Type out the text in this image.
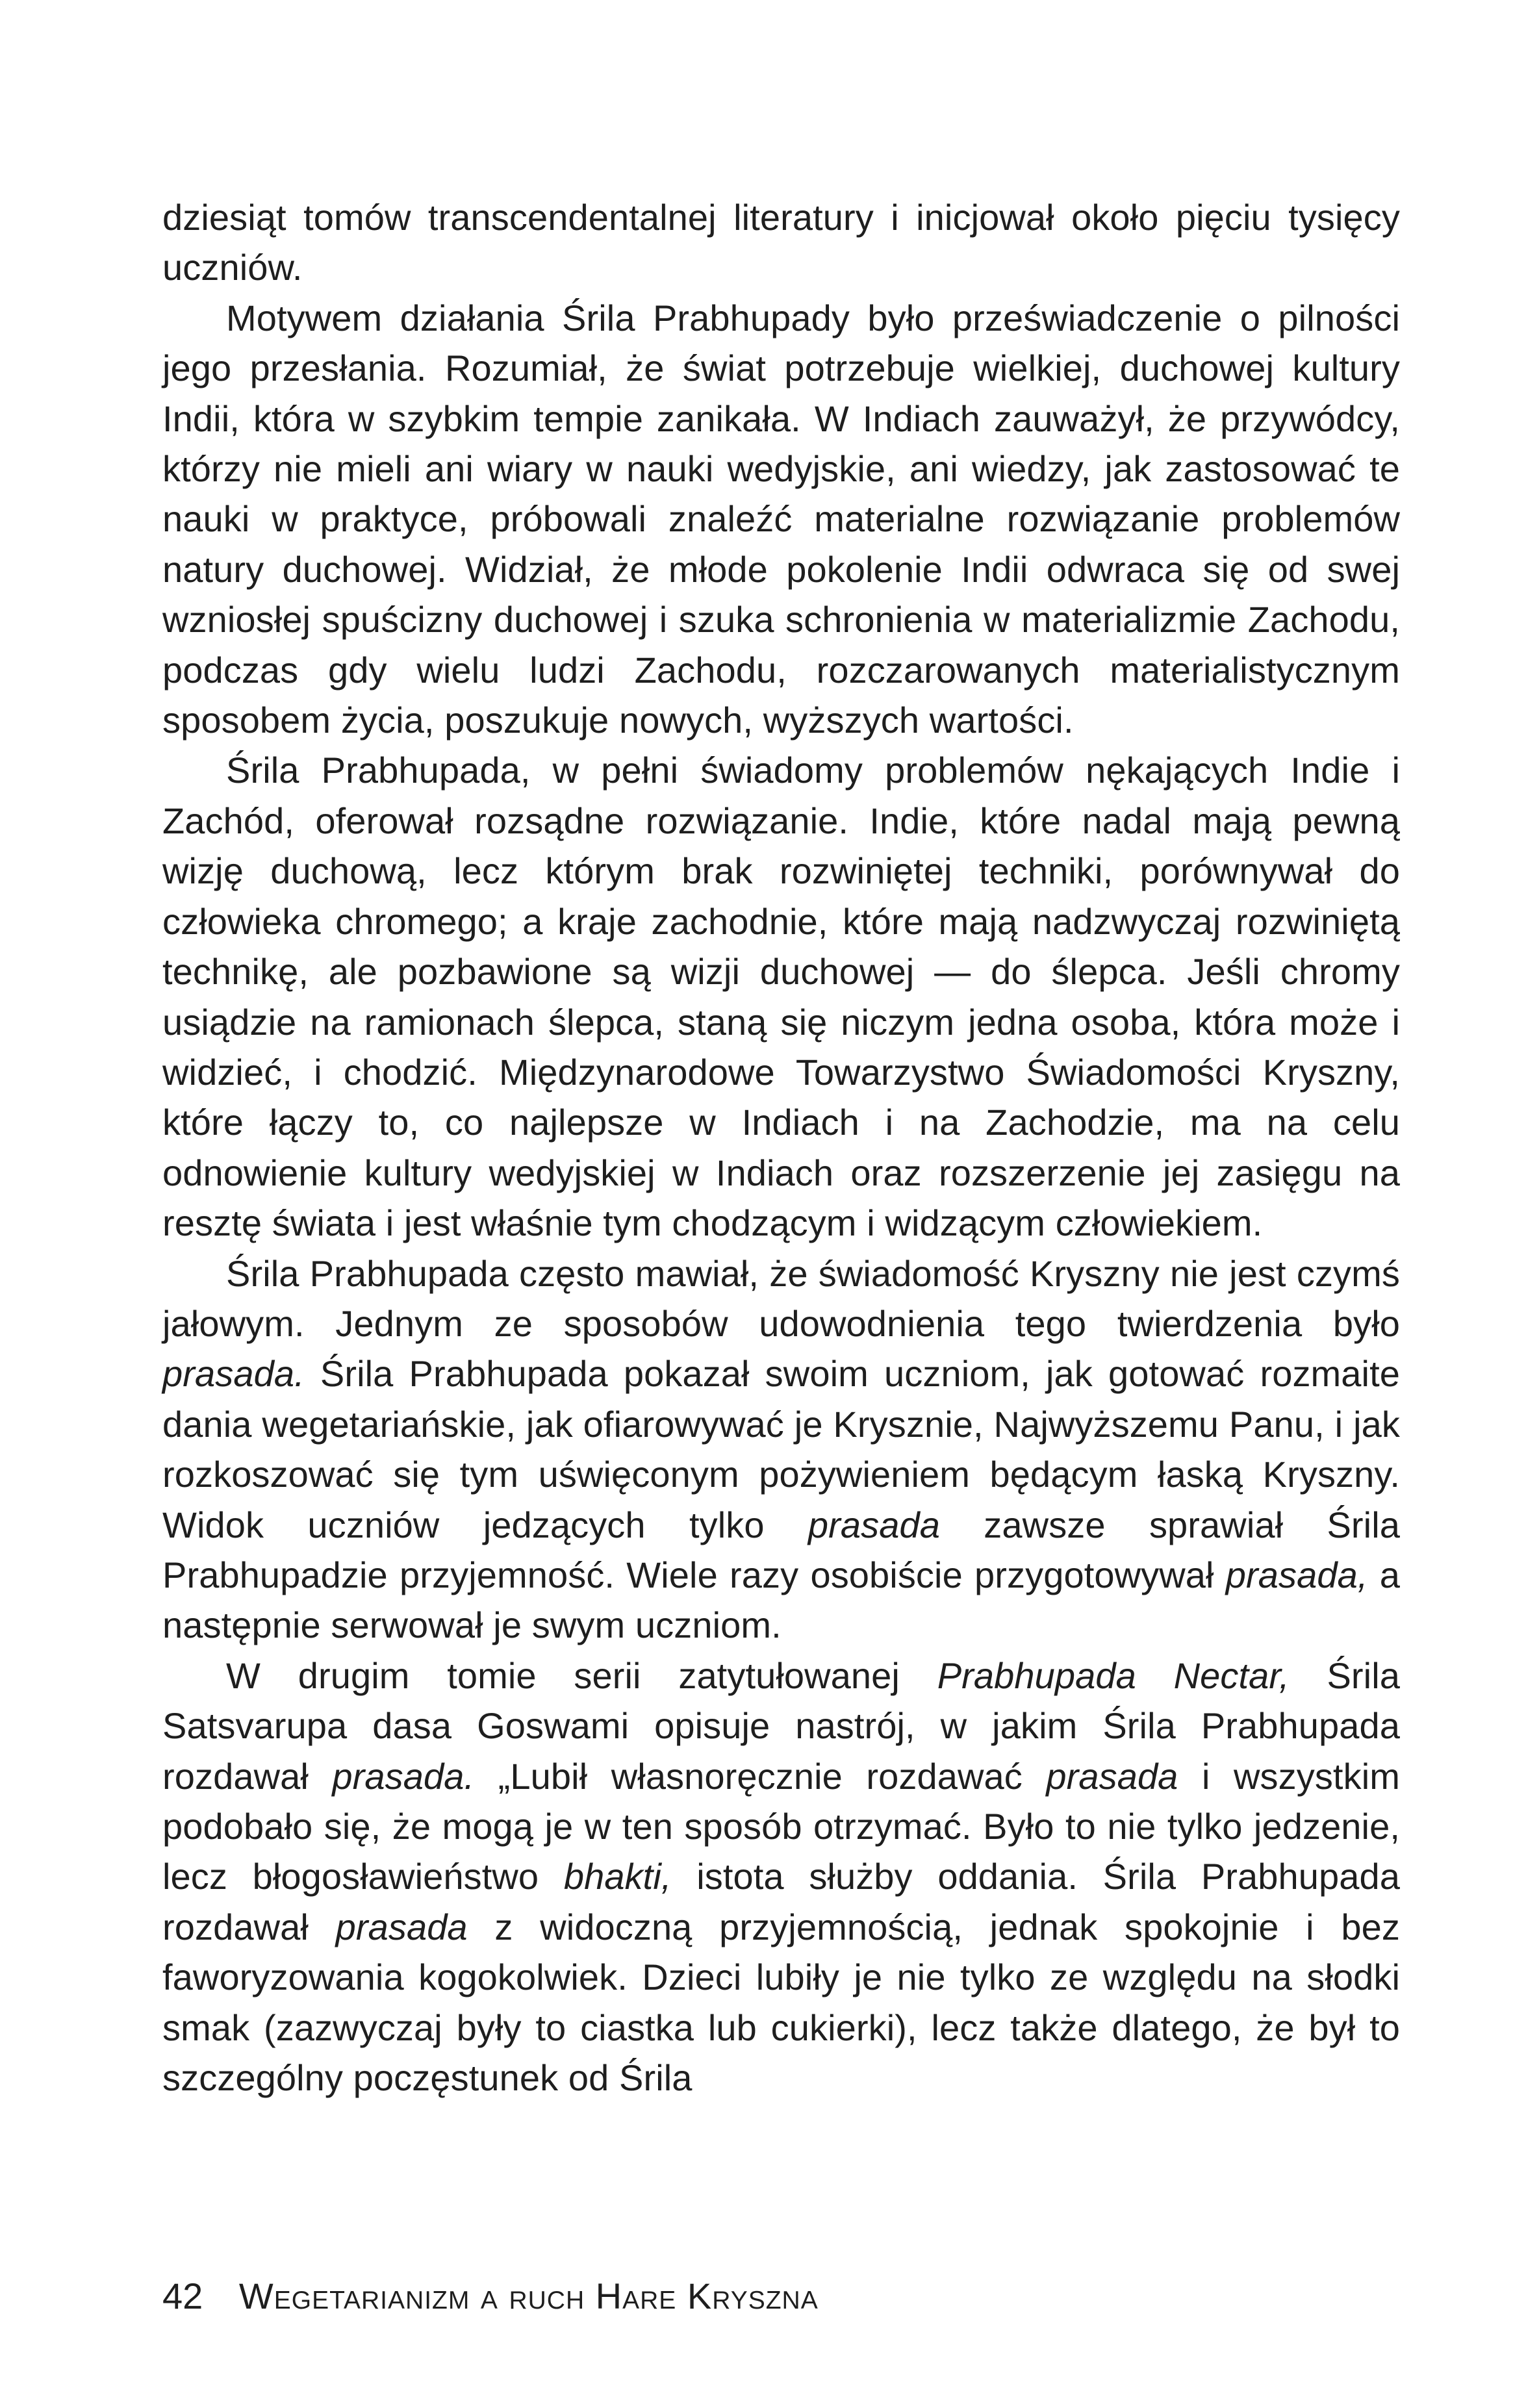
dziesiąt tomów transcendentalnej literatury i inicjował około pięciu tysięcy uczniów.

Motywem działania Śrila Prabhupady było przeświadczenie o pilności jego przesłania. Rozumiał, że świat potrzebuje wielkiej, duchowej kultury Indii, która w szybkim tempie zanikała. W Indiach zauważył, że przywódcy, którzy nie mieli ani wiary w nauki wedyjskie, ani wiedzy, jak zastosować te nauki w praktyce, próbowali znaleźć materialne rozwiązanie problemów natury duchowej. Widział, że młode pokolenie Indii odwraca się od swej wzniosłej spuścizny duchowej i szuka schronienia w materializmie Zachodu, podczas gdy wielu ludzi Zachodu, rozczarowanych materialistycznym sposobem życia, poszukuje nowych, wyższych wartości.

Śrila Prabhupada, w pełni świadomy problemów nękających Indie i Zachód, oferował rozsądne rozwiązanie. Indie, które nadal mają pewną wizję duchową, lecz którym brak rozwiniętej techniki, porównywał do człowieka chromego; a kraje zachodnie, które mają nadzwyczaj rozwiniętą technikę, ale pozbawione są wizji duchowej — do ślepca. Jeśli chromy usiądzie na ramionach ślepca, staną się niczym jedna osoba, która może i widzieć, i chodzić. Międzynarodowe Towarzystwo Świadomości Kryszny, które łączy to, co najlepsze w Indiach i na Zachodzie, ma na celu odnowienie kultury wedyjskiej w Indiach oraz rozszerzenie jej zasięgu na resztę świata i jest właśnie tym chodzącym i widzącym człowiekiem.

Śrila Prabhupada często mawiał, że świadomość Kryszny nie jest czymś jałowym. Jednym ze sposobów udowodnienia tego twierdzenia było prasada. Śrila Prabhupada pokazał swoim uczniom, jak gotować rozmaite dania wegetariańskie, jak ofiarowywać je Krysznie, Najwyższemu Panu, i jak rozkoszować się tym uświęconym pożywieniem będącym łaską Kryszny. Widok uczniów jedzących tylko prasada zawsze sprawiał Śrila Prabhupadzie przyjemność. Wiele razy osobiście przygotowywał prasada, a następnie serwował je swym uczniom.

W drugim tomie serii zatytułowanej Prabhupada Nectar, Śrila Satsvarupa dasa Goswami opisuje nastrój, w jakim Śrila Prabhupada rozdawał prasada. „Lubił własnoręcznie rozdawać prasada i wszystkim podobało się, że mogą je w ten sposób otrzymać. Było to nie tylko jedzenie, lecz błogosławieństwo bhakti, istota służby oddania. Śrila Prabhupada rozdawał prasada z widoczną przyjemnością, jednak spokojnie i bez faworyzowania kogokolwiek. Dzieci lubiły je nie tylko ze względu na słodki smak (zazwyczaj były to ciastka lub cukierki), lecz także dlatego, że był to szczególny poczęstunek od Śrila

42 Wegetarianizm a ruch Hare Kryszna
